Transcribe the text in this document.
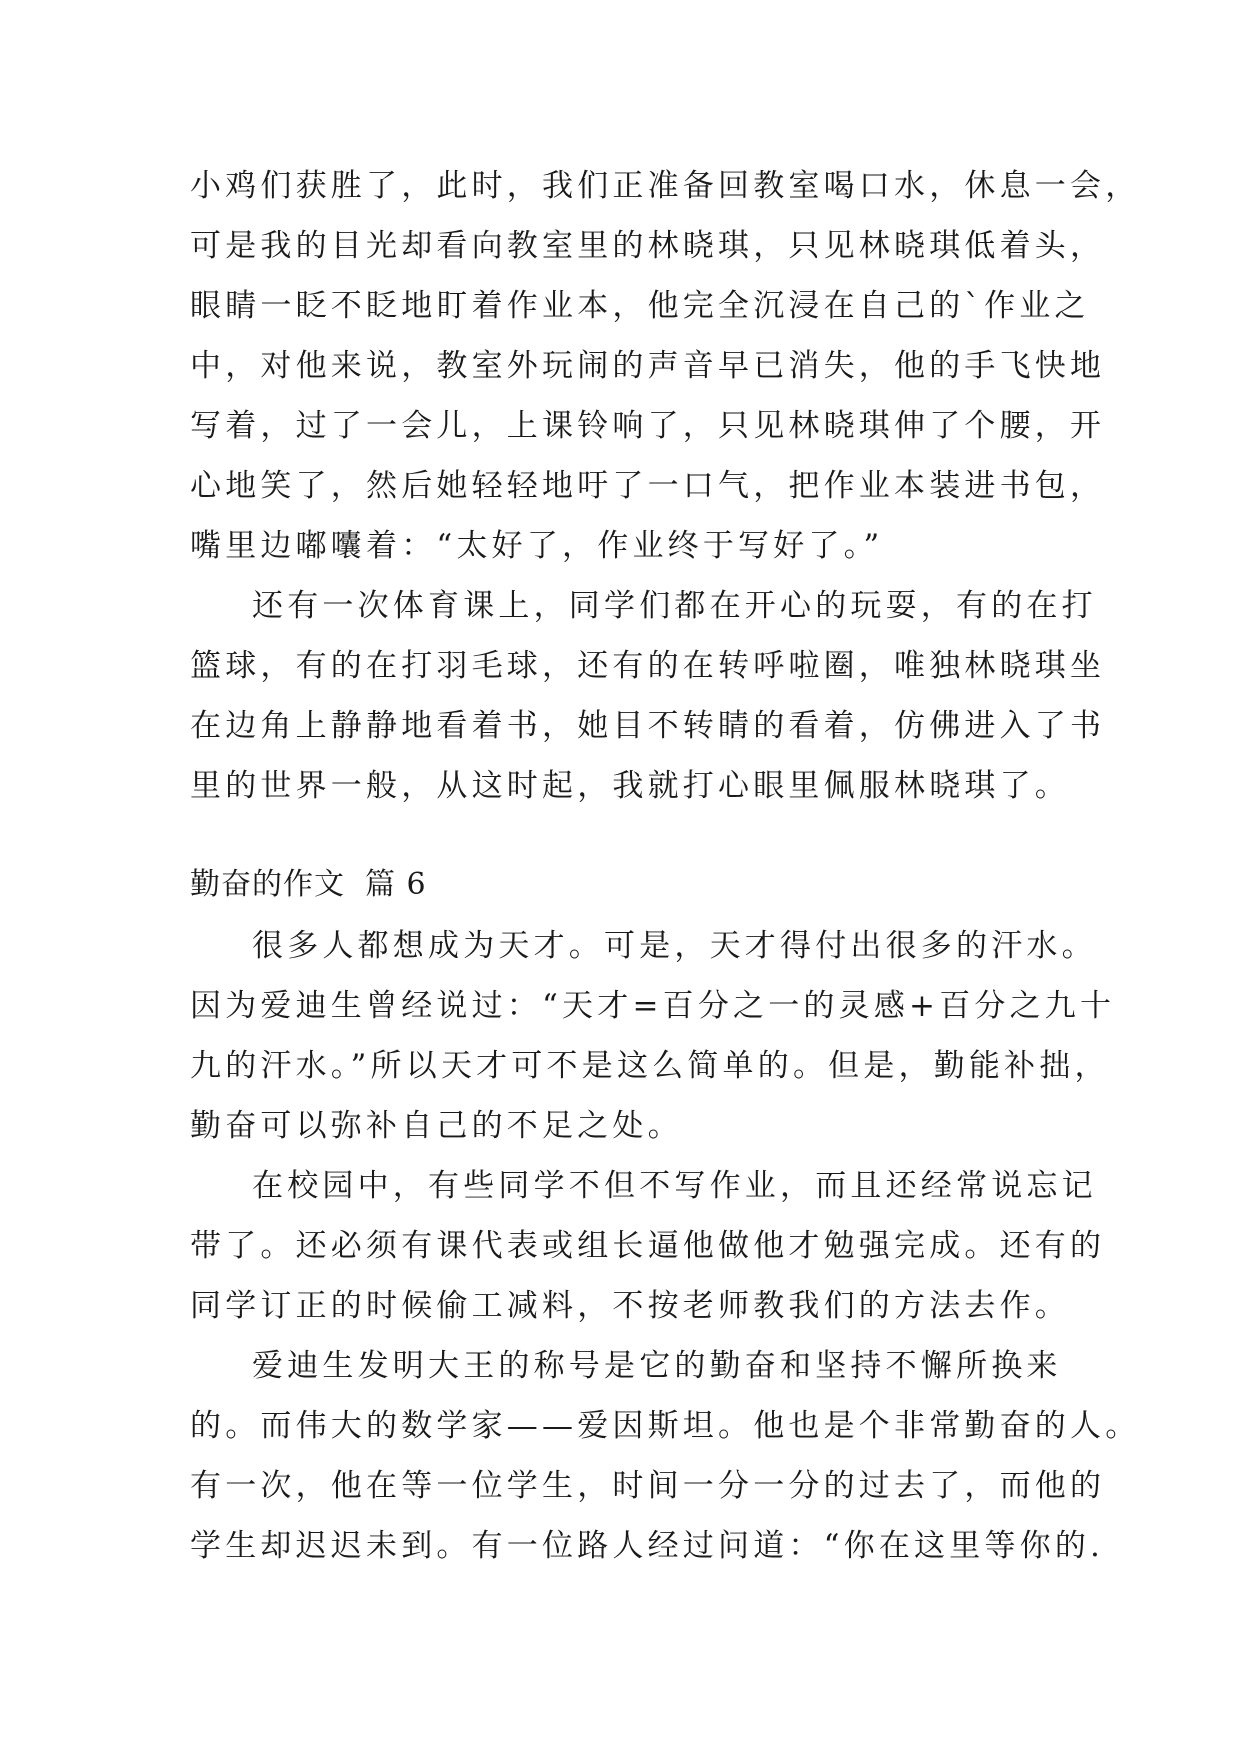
小鸡们获胜了，此时，我们正准备回教室喝口水，休息一会，

可是我的目光却看向教室里的林晓琪，只见林晓琪低着头，

眼睛一眨不眨地盯着作业本，他完全沉浸在自己的`作业之

中，对他来说，教室外玩闹的声音早已消失，他的手飞快地

写着，过了一会儿，上课铃响了，只见林晓琪伸了个腰，开

心地笑了，然后她轻轻地吁了一口气，把作业本装进书包，

嘴里边嘟囔着：“太好了，作业终于写好了。”

还有一次体育课上，同学们都在开心的玩耍，有的在打

篮球，有的在打羽毛球，还有的在转呼啦圈，唯独林晓琪坐

在边角上静静地看着书，她目不转睛的看着，仿佛进入了书

里的世界一般，从这时起，我就打心眼里佩服林晓琪了。

勤奋的作文 篇 6

很多人都想成为天才。可是，天才得付出很多的汗水。

因为爱迪生曾经说过：“天才=百分之一的灵感+百分之九十

九的汗水。”所以天才可不是这么简单的。但是，勤能补拙，

勤奋可以弥补自己的不足之处。

在校园中，有些同学不但不写作业，而且还经常说忘记

带了。还必须有课代表或组长逼他做他才勉强完成。还有的

同学订正的时候偷工减料，不按老师教我们的方法去作。

爱迪生发明大王的称号是它的勤奋和坚持不懈所换来

的。而伟大的数学家——爱因斯坦。他也是个非常勤奋的人。

有一次，他在等一位学生，时间一分一分的过去了，而他的

学生却迟迟未到。有一位路人经过问道：“你在这里等你的.
